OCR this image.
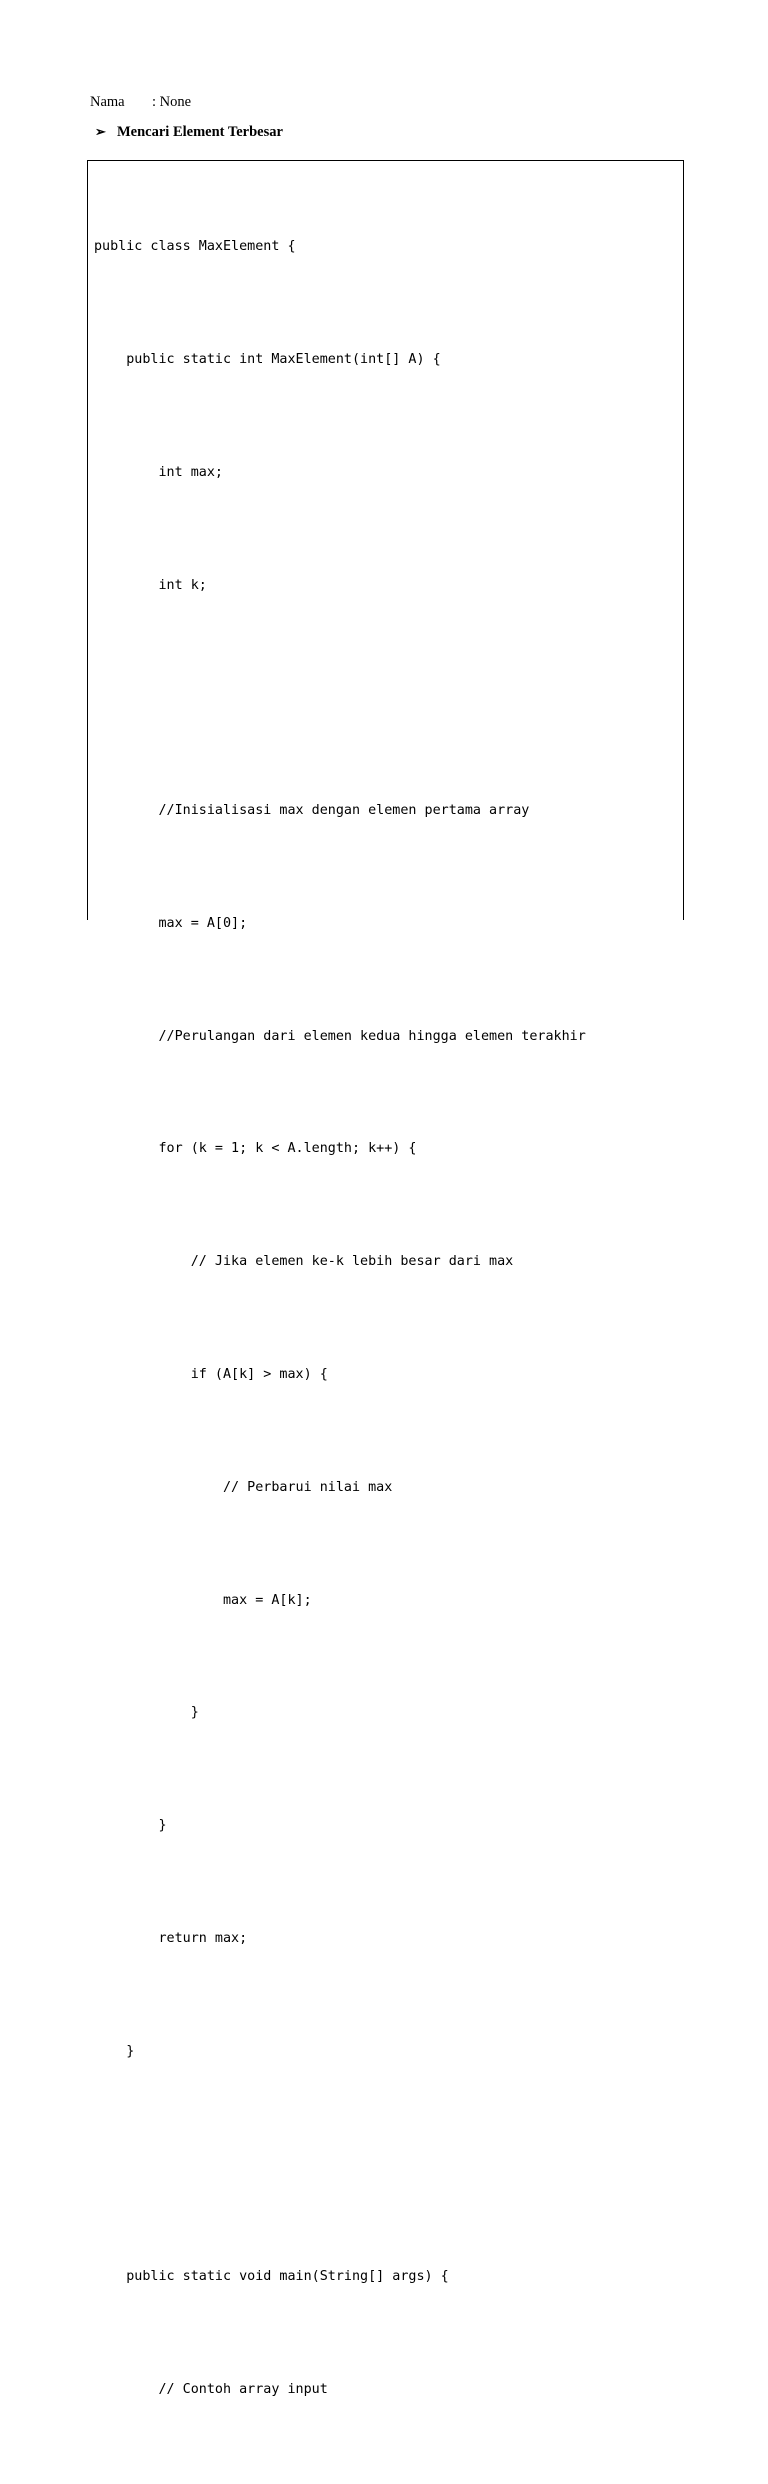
Nama : None
➢ Mencari Element Terbesar

public class MaxElement {

public static int MaxElement(int[] A) {

int max;

int k;

//Inisialisasi max dengan elemen pertama array

max = A[0];

//Perulangan dari elemen kedua hingga elemen terakhir

for (k = 1; k < A.length; k++) {

// Jika elemen ke-k lebih besar dari max

if (A[k] > max) {

// Perbarui nilai max

max = A[k];

}

}

return max;

}

public static void main(String[] args) {

// Contoh array input
